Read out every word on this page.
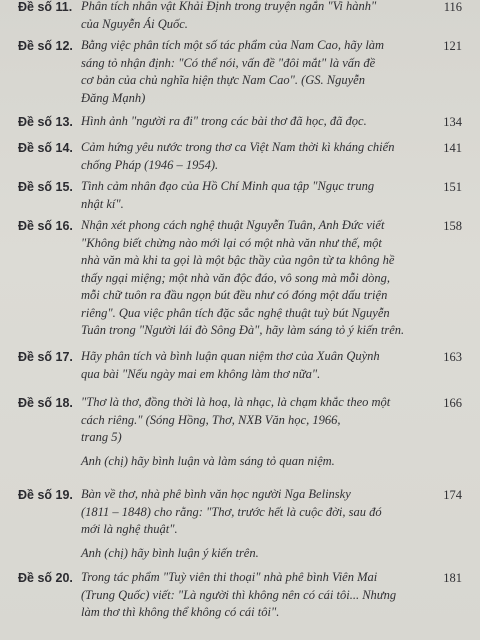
Đề số 11. Phân tích nhân vật Khải Định trong truyện ngắn "Vi hành"
của Nguyễn Ái Quốc.
116
Đề số 12. Bằng việc phân tích một số tác phẩm của Nam Cao, hãy làm
sáng tỏ nhận định: "Có thể nói, vấn đề "đôi mắt" là vấn đề
cơ bản của chủ nghĩa hiện thực Nam Cao". (GS. Nguyễn
Đăng Mạnh)
121
Đề số 13. Hình ảnh "người ra đi" trong các bài thơ đã học, đã đọc.	134
Đề số 14. Cảm hứng yêu nước trong thơ ca Việt Nam thời kì kháng chiến
chống Pháp (1946 – 1954).
141
Đề số 15. Tình cảm nhân đạo của Hồ Chí Minh qua tập "Ngục trung
nhật kí".
151
Đề số 16. Nhận xét phong cách nghệ thuật Nguyễn Tuân, Anh Đức viết
"Không biết chừng nào mới lại có một nhà văn như thế, một
nhà văn mà khi ta gọi là một bậc thầy của ngôn từ ta không hề
thấy ngại miệng; một nhà văn độc đáo, vô song mà mỗi dòng,
mỗi chữ tuôn ra đầu ngọn bút đều như có đóng một dấu triện
riêng". Qua việc phân tích đặc sắc nghệ thuật tuỳ bút Nguyễn
Tuân trong "Người lái đò Sông Đà", hãy làm sáng tỏ ý kiến trên.
158
Đề số 17. Hãy phân tích và bình luận quan niệm thơ của Xuân Quỳnh
qua bài "Nếu ngày mai em không làm thơ nữa".
163
Đề số 18. "Thơ là thơ, đồng thời là hoạ, là nhạc, là chạm khắc theo một
cách riêng." (Sóng Hồng, Thơ, NXB Văn học, 1966,
trang 5)
Anh (chị) hãy bình luận và làm sáng tỏ quan niệm.
166
Đề số 19. Bàn về thơ, nhà phê bình văn học người Nga Belinsky
(1811 – 1848) cho rằng: "Thơ, trước hết là cuộc đời, sau đó
mới là nghệ thuật".
Anh (chị) hãy bình luận ý kiến trên.
174
Đề số 20. Trong tác phẩm "Tuỳ viên thi thoại" nhà phê bình Viên Mai
(Trung Quốc) viết: "Là người thì không nên có cái tôi... Nhưng
làm thơ thì không thể không có cái tôi".
181
